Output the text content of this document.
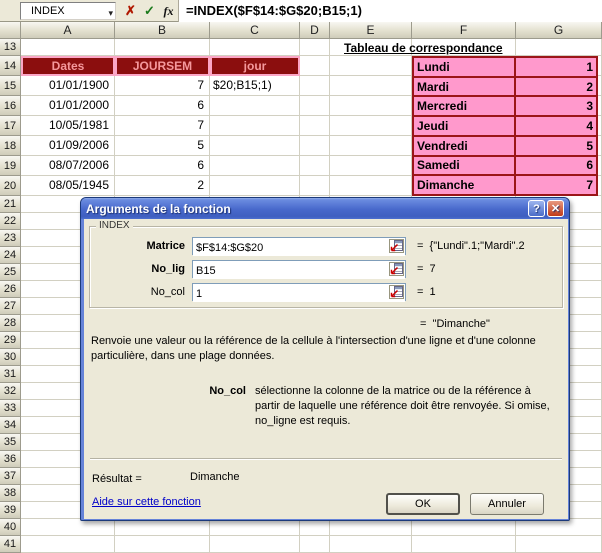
INDEX	▾ ✗ ✓ fx =INDEX($F$14:$G$20;B15;1)
A	B	C	D	E	F	G
13
14	Dates	JOURSEM	jour
15	01/01/1900	7 $20;B15;1)
16	01/01/2000	6
17	10/05/1981	7
18	01/09/2006	5
19	08/07/2006	6
20	08/05/1945	2
21
22
23
24
25
26
27
28
29
30
31
32
33
34
35
36
37
38
39
40
41
Tableau de correspondance
Lundi	1
Mardi	2
Mercredi	3
Jeudi	4
Vendredi	5
Samedi	6
Dimanche	7
Arguments de la fonction	?	✕
INDEX
Matrice
$F$14:$G$20	=  {"Lundi".1;"Mardi".2
No_lig
B15	=  7
No_col
1	=  1
=  "Dimanche"
Renvoie une valeur ou la référence de la cellule à l'intersection d'une ligne et d'une colonne particulière, dans une plage données.
No_col sélectionne la colonne de la matrice ou de la référence à partir de laquelle une référence doit être renvoyée. Si omise, no_ligne est requis.
Résultat =	Dimanche
Aide sur cette fonction	OK	Annuler
